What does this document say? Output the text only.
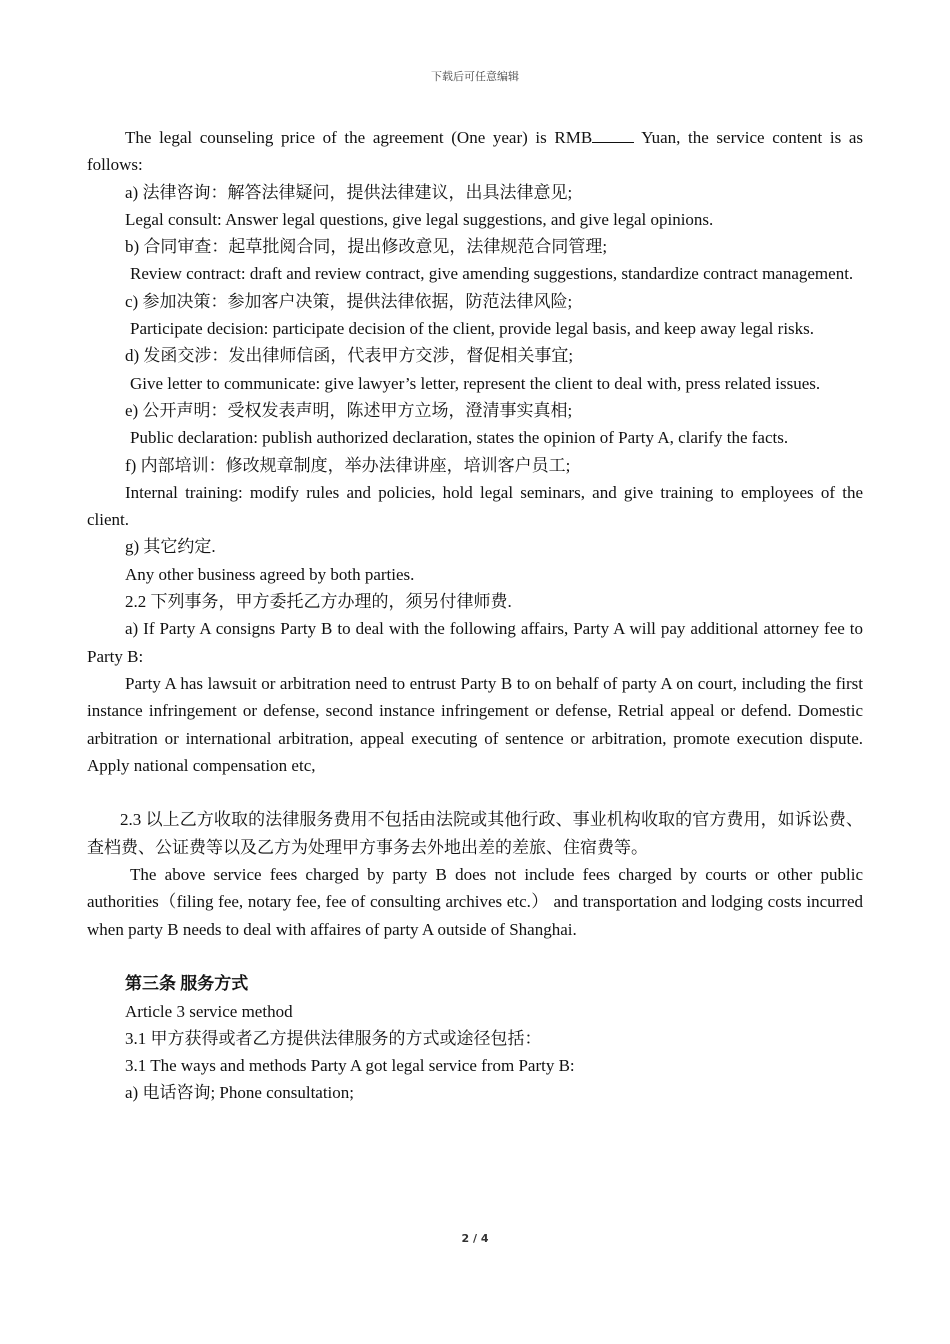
下载后可任意编辑

The legal counseling price of the agreement (One year) is RMB Yuan, the service content is as follows:

a) 法律咨询：解答法律疑问，提供法律建议，出具法律意见;

Legal consult: Answer legal questions, give legal suggestions, and give legal opinions.

b) 合同审查：起草批阅合同，提出修改意见，法律规范合同管理;

Review contract: draft and review contract, give amending suggestions, standardize contract management.

c) 参加决策：参加客户决策，提供法律依据，防范法律风险;

Participate decision: participate decision of the client, provide legal basis, and keep away legal risks.

d) 发函交涉：发出律师信函，代表甲方交涉，督促相关事宜;

Give letter to communicate: give lawyer’s letter, represent the client to deal with, press related issues.

e) 公开声明：受权发表声明，陈述甲方立场，澄清事实真相;

Public declaration: publish authorized declaration, states the opinion of Party A, clarify the facts.

f) 内部培训：修改规章制度，举办法律讲座，培训客户员工;

Internal training: modify rules and policies, hold legal seminars, and give training to employees of the client.

g) 其它约定.

Any other business agreed by both parties.

2.2 下列事务，甲方委托乙方办理的，须另付律师费.

a) If Party A consigns Party B to deal with the following affairs, Party A will pay additional attorney fee to Party B:

Party A has lawsuit or arbitration need to entrust Party B to on behalf of party A on court, including the first instance infringement or defense, second instance infringement or defense, Retrial appeal or defend. Domestic arbitration or international arbitration, appeal executing of sentence or arbitration, promote execution dispute. Apply national compensation etc,

2.3 以上乙方收取的法律服务费用不包括由法院或其他行政、事业机构收取的官方费用，如诉讼费、查档费、公证费等以及乙方为处理甲方事务去外地出差的差旅、住宿费等。

The above service fees charged by party B does not include fees charged by courts or other public authorities（filing fee, notary fee, fee of consulting archives etc.） and transportation and lodging costs incurred when party B needs to deal with affaires of party A outside of Shanghai.

第三条 服务方式

Article 3 service method

3.1 甲方获得或者乙方提供法律服务的方式或途径包括：

3.1 The ways and methods Party A got legal service from Party B:

a) 电话咨询; Phone consultation;

2 / 4
